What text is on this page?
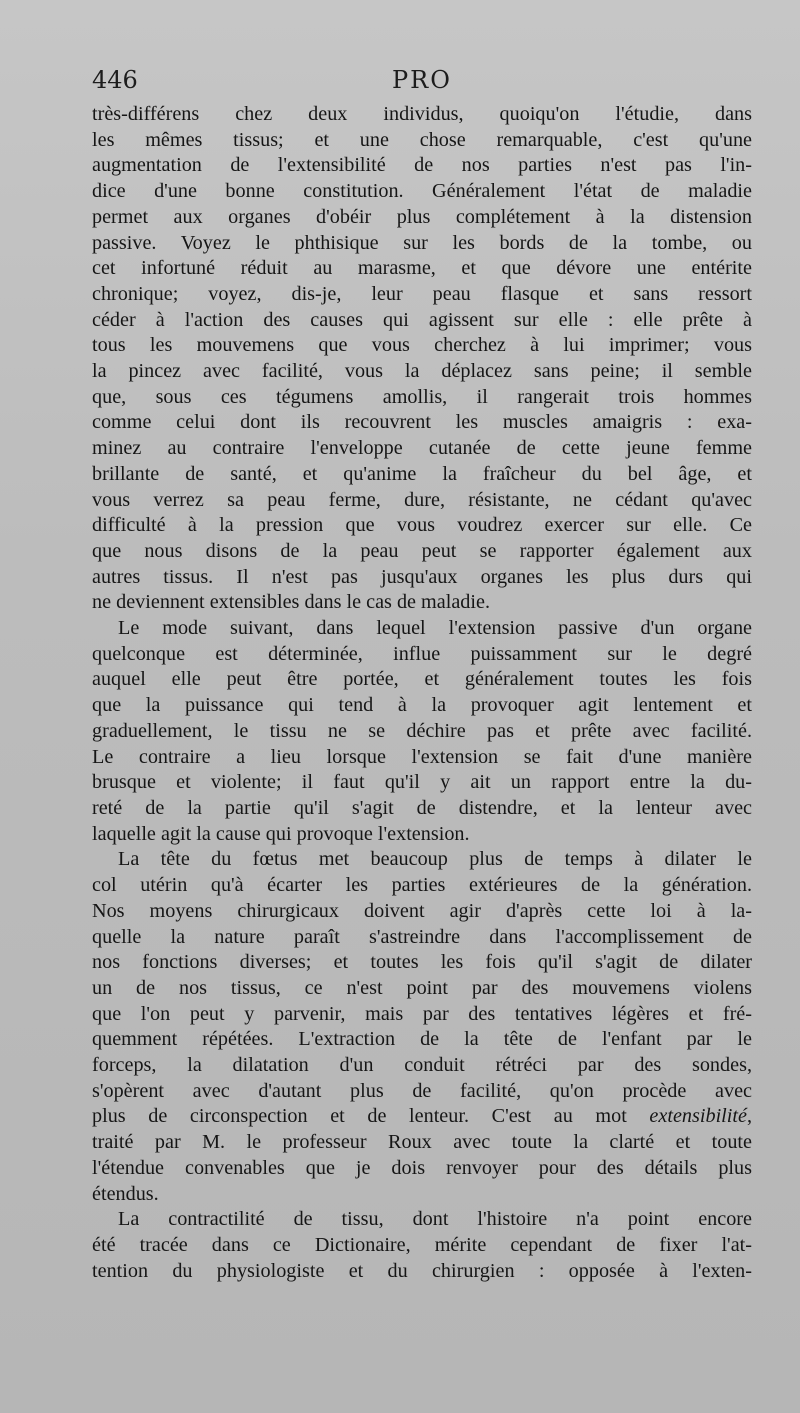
446	PRO

très-différens chez deux individus, quoiqu'on l'étudie, dans
les mêmes tissus; et une chose remarquable, c'est qu'une
augmentation de l'extensibilité de nos parties n'est pas l'in-
dice d'une bonne constitution. Généralement l'état de maladie
permet aux organes d'obéir plus complétement à la distension
passive. Voyez le phthisique sur les bords de la tombe, ou
cet infortuné réduit au marasme, et que dévore une entérite
chronique; voyez, dis-je, leur peau flasque et sans ressort
céder à l'action des causes qui agissent sur elle : elle prête à
tous les mouvemens que vous cherchez à lui imprimer; vous
la pincez avec facilité, vous la déplacez sans peine; il semble
que, sous ces tégumens amollis, il rangerait trois hommes
comme celui dont ils recouvrent les muscles amaigris : exa-
minez au contraire l'enveloppe cutanée de cette jeune femme
brillante de santé, et qu'anime la fraîcheur du bel âge, et
vous verrez sa peau ferme, dure, résistante, ne cédant qu'avec
difficulté à la pression que vous voudrez exercer sur elle. Ce
que nous disons de la peau peut se rapporter également aux
autres tissus. Il n'est pas jusqu'aux organes les plus durs qui
ne deviennent extensibles dans le cas de maladie.

Le mode suivant, dans lequel l'extension passive d'un organe
quelconque est déterminée, influe puissamment sur le degré
auquel elle peut être portée, et généralement toutes les fois
que la puissance qui tend à la provoquer agit lentement et
graduellement, le tissu ne se déchire pas et prête avec facilité.
Le contraire a lieu lorsque l'extension se fait d'une manière
brusque et violente; il faut qu'il y ait un rapport entre la du-
reté de la partie qu'il s'agit de distendre, et la lenteur avec
laquelle agit la cause qui provoque l'extension.

La tête du fœtus met beaucoup plus de temps à dilater le
col utérin qu'à écarter les parties extérieures de la génération.
Nos moyens chirurgicaux doivent agir d'après cette loi à la-
quelle la nature paraît s'astreindre dans l'accomplissement de
nos fonctions diverses; et toutes les fois qu'il s'agit de dilater
un de nos tissus, ce n'est point par des mouvemens violens
que l'on peut y parvenir, mais par des tentatives légères et fré-
quemment répétées. L'extraction de la tête de l'enfant par le
forceps, la dilatation d'un conduit rétréci par des sondes,
s'opèrent avec d'autant plus de facilité, qu'on procède avec
plus de circonspection et de lenteur. C'est au mot extensibilité,
traité par M. le professeur Roux avec toute la clarté et toute
l'étendue convenables que je dois renvoyer pour des détails plus
étendus.

La contractilité de tissu, dont l'histoire n'a point encore
été tracée dans ce Dictionaire, mérite cependant de fixer l'at-
tention du physiologiste et du chirurgien : opposée à l'exten-
